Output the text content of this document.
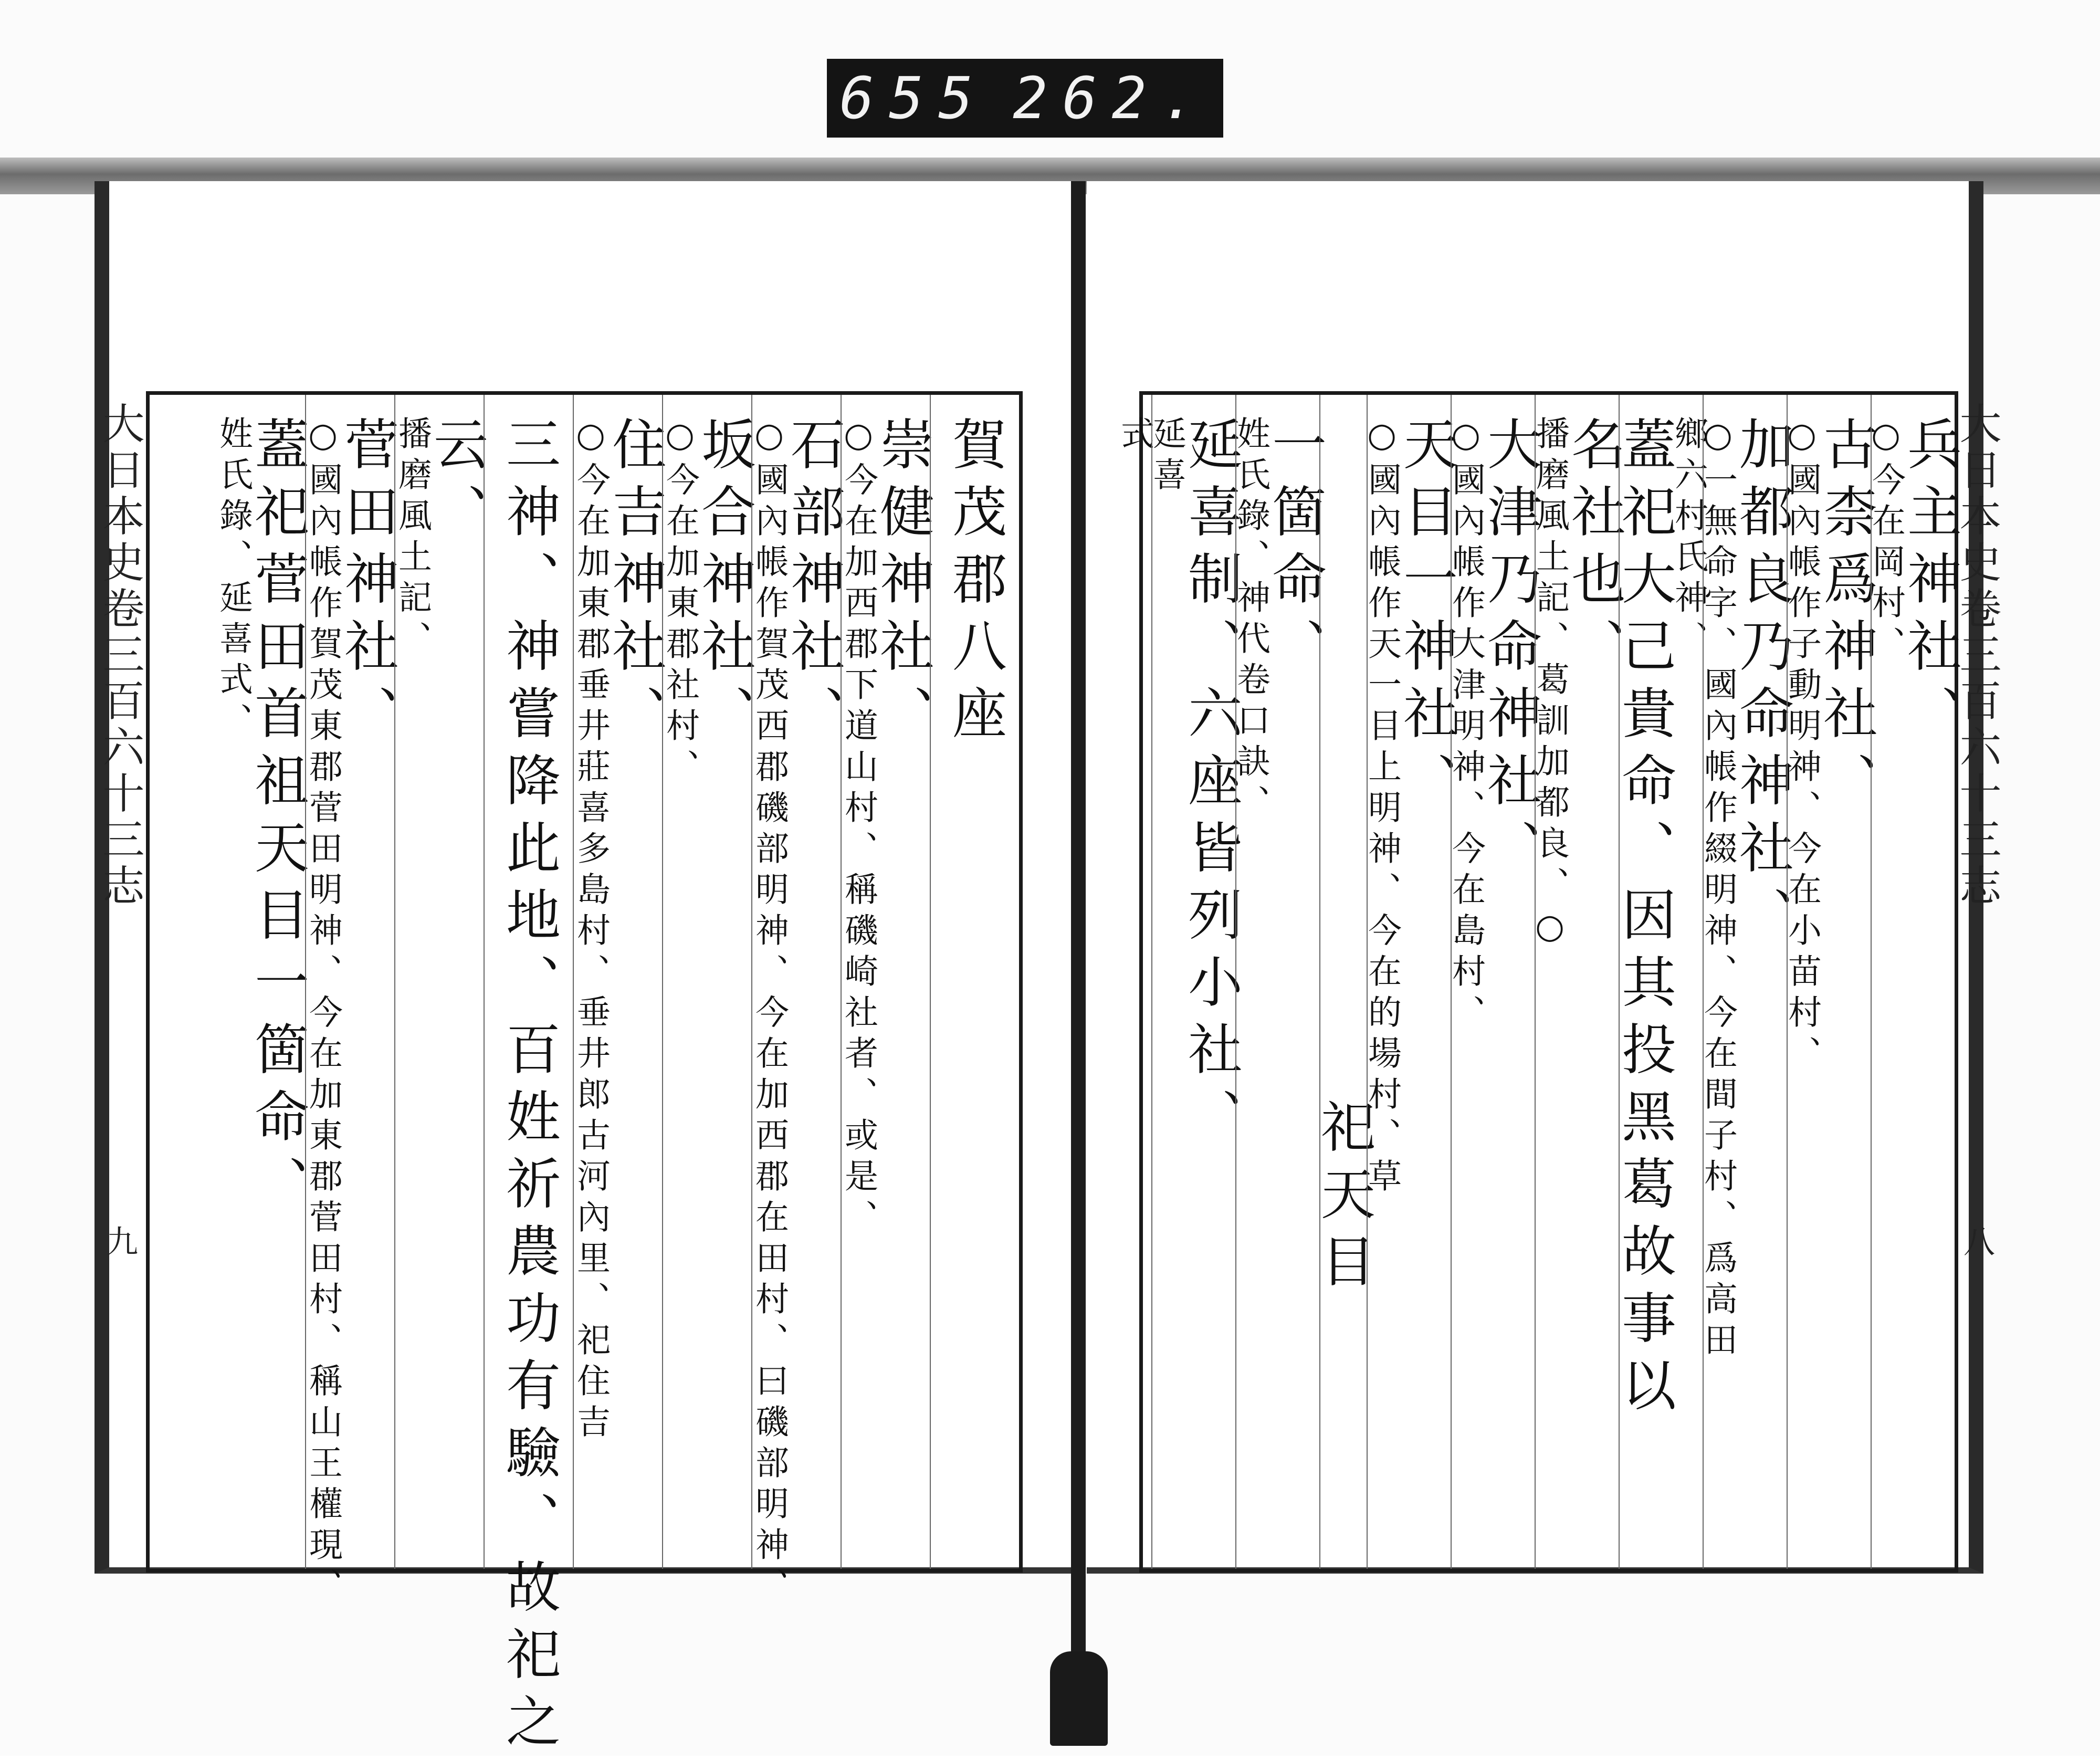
655 262.
賀茂郡八座
崇健神社、
○今在加西郡下道山村、稱磯崎社者、或是、
石部神社、
○國內帳作賀茂西郡磯部明神、今在加西郡在田村、曰磯部明神、
坂合神社、
○今在加東郡社村、
住吉神社、
○今在加東郡垂井莊喜多島村、垂井郎古河內里、祀住吉
三神、神嘗降此地、百姓祈農功有驗、故祀之
云、
播磨風土記、
菅田神社、
○國內帳作賀茂東郡菅田明神、今在加東郡菅田村、稱山王權現、
蓋祀菅田首祖天目一箇命、
姓氏錄、延喜式、
大日本史
卷三百六十三
志
九
兵主神社、
○今在岡村、
古柰爲神社、
○國內帳作子動明神、今在小苗村、
加都良乃命神社、
○一無命字、國內帳作綴明神、今在間子村、爲高田
鄉六村氏神、
蓋祀大己貴命、因其投黑葛故事以
名社也、
播磨風土記、葛訓加都良、○
大津乃命神社、
○國內帳作大津明神、今在島村、
天目一神社、
○國內帳作天一目上明神、今在的場村、草
祀天目
一箇命、
姓氏錄、神代卷口訣、
延喜制、六座皆列小社、
延喜
式	大日本史
卷三百六十三
志
八
